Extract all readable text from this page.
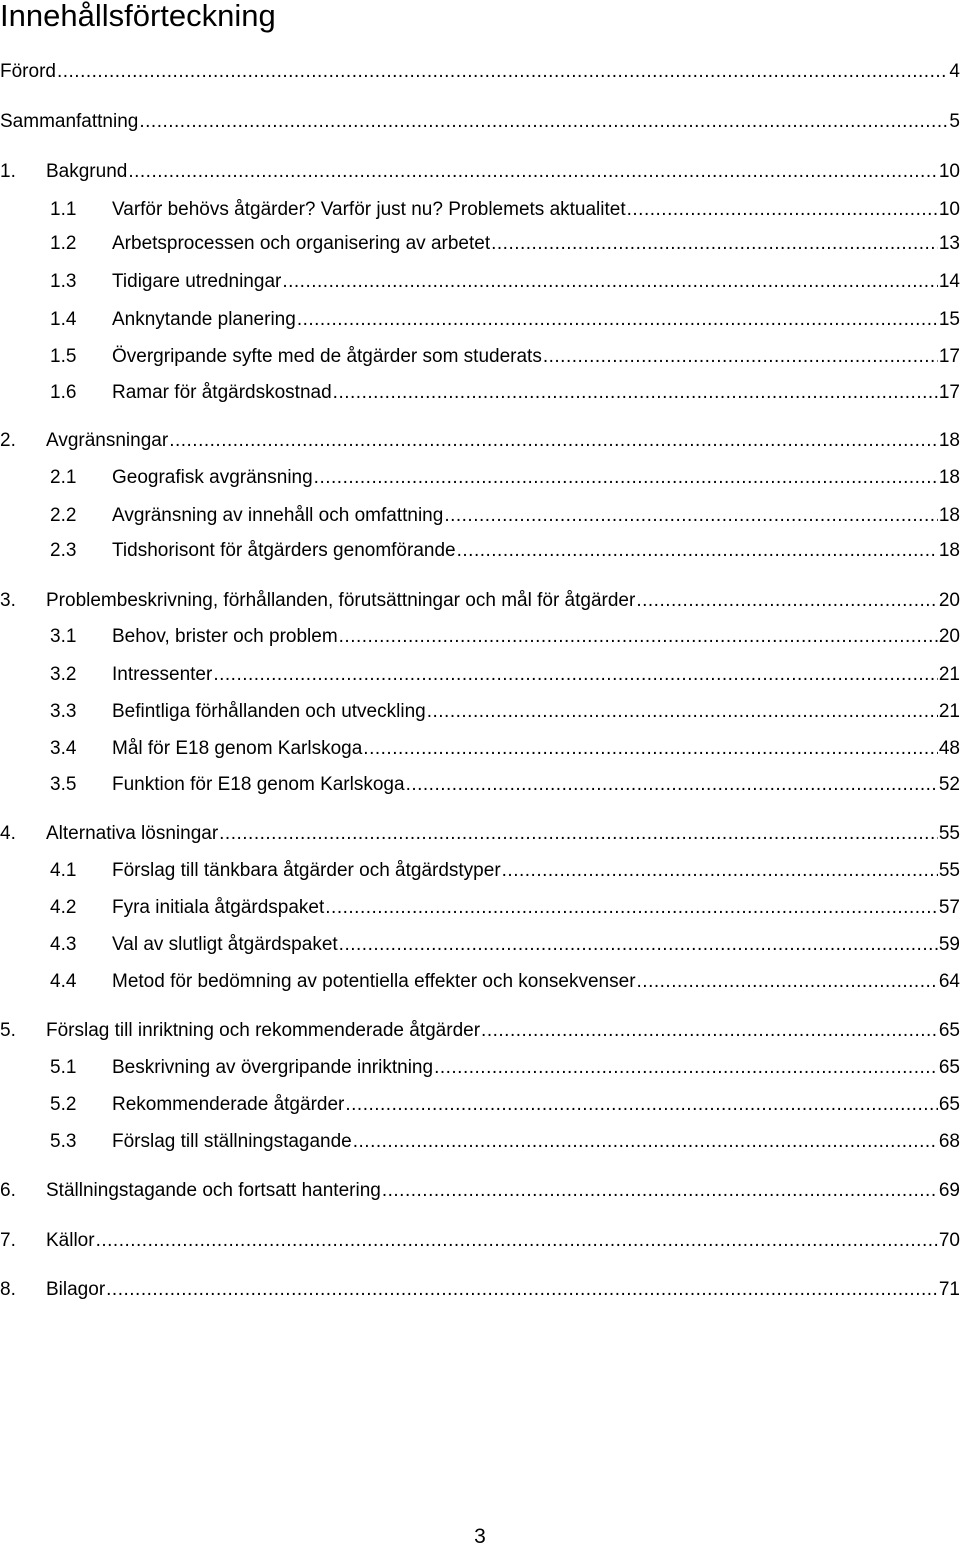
Innehållsförteckning
Förord .....	4
Sammanfattning .....	5
1.	Bakgrund .....	10
1.1	Varför behövs åtgärder? Varför just nu? Problemets aktualitet .....	10
1.2	Arbetsprocessen och organisering av arbetet .....	13
1.3	Tidigare utredningar .....	14
1.4	Anknytande planering .....	15
1.5	Övergripande syfte med de åtgärder som studerats .....	17
1.6	Ramar för åtgärdskostnad .....	17
2.	Avgränsningar .....	18
2.1	Geografisk avgränsning .....	18
2.2	Avgränsning av innehåll och omfattning .....	18
2.3	Tidshorisont för åtgärders genomförande .....	18
3.	Problembeskrivning, förhållanden, förutsättningar och mål för åtgärder .....	20
3.1	Behov, brister och problem .....	20
3.2	Intressenter .....	21
3.3	Befintliga förhållanden och utveckling .....	21
3.4	Mål för E18 genom Karlskoga .....	48
3.5	Funktion för E18 genom Karlskoga .....	52
4.	Alternativa lösningar .....	55
4.1	Förslag till tänkbara åtgärder och åtgärdstyper .....	55
4.2	Fyra initiala åtgärdspaket .....	57
4.3	Val av slutligt åtgärdspaket .....	59
4.4	Metod för bedömning av potentiella effekter och konsekvenser .....	64
5.	Förslag till inriktning och rekommenderade åtgärder .....	65
5.1	Beskrivning av övergripande inriktning .....	65
5.2	Rekommenderade åtgärder .....	65
5.3	Förslag till ställningstagande .....	68
6.	Ställningstagande och fortsatt hantering .....	69
7.	Källor .....	70
8.	Bilagor .....	71
3
